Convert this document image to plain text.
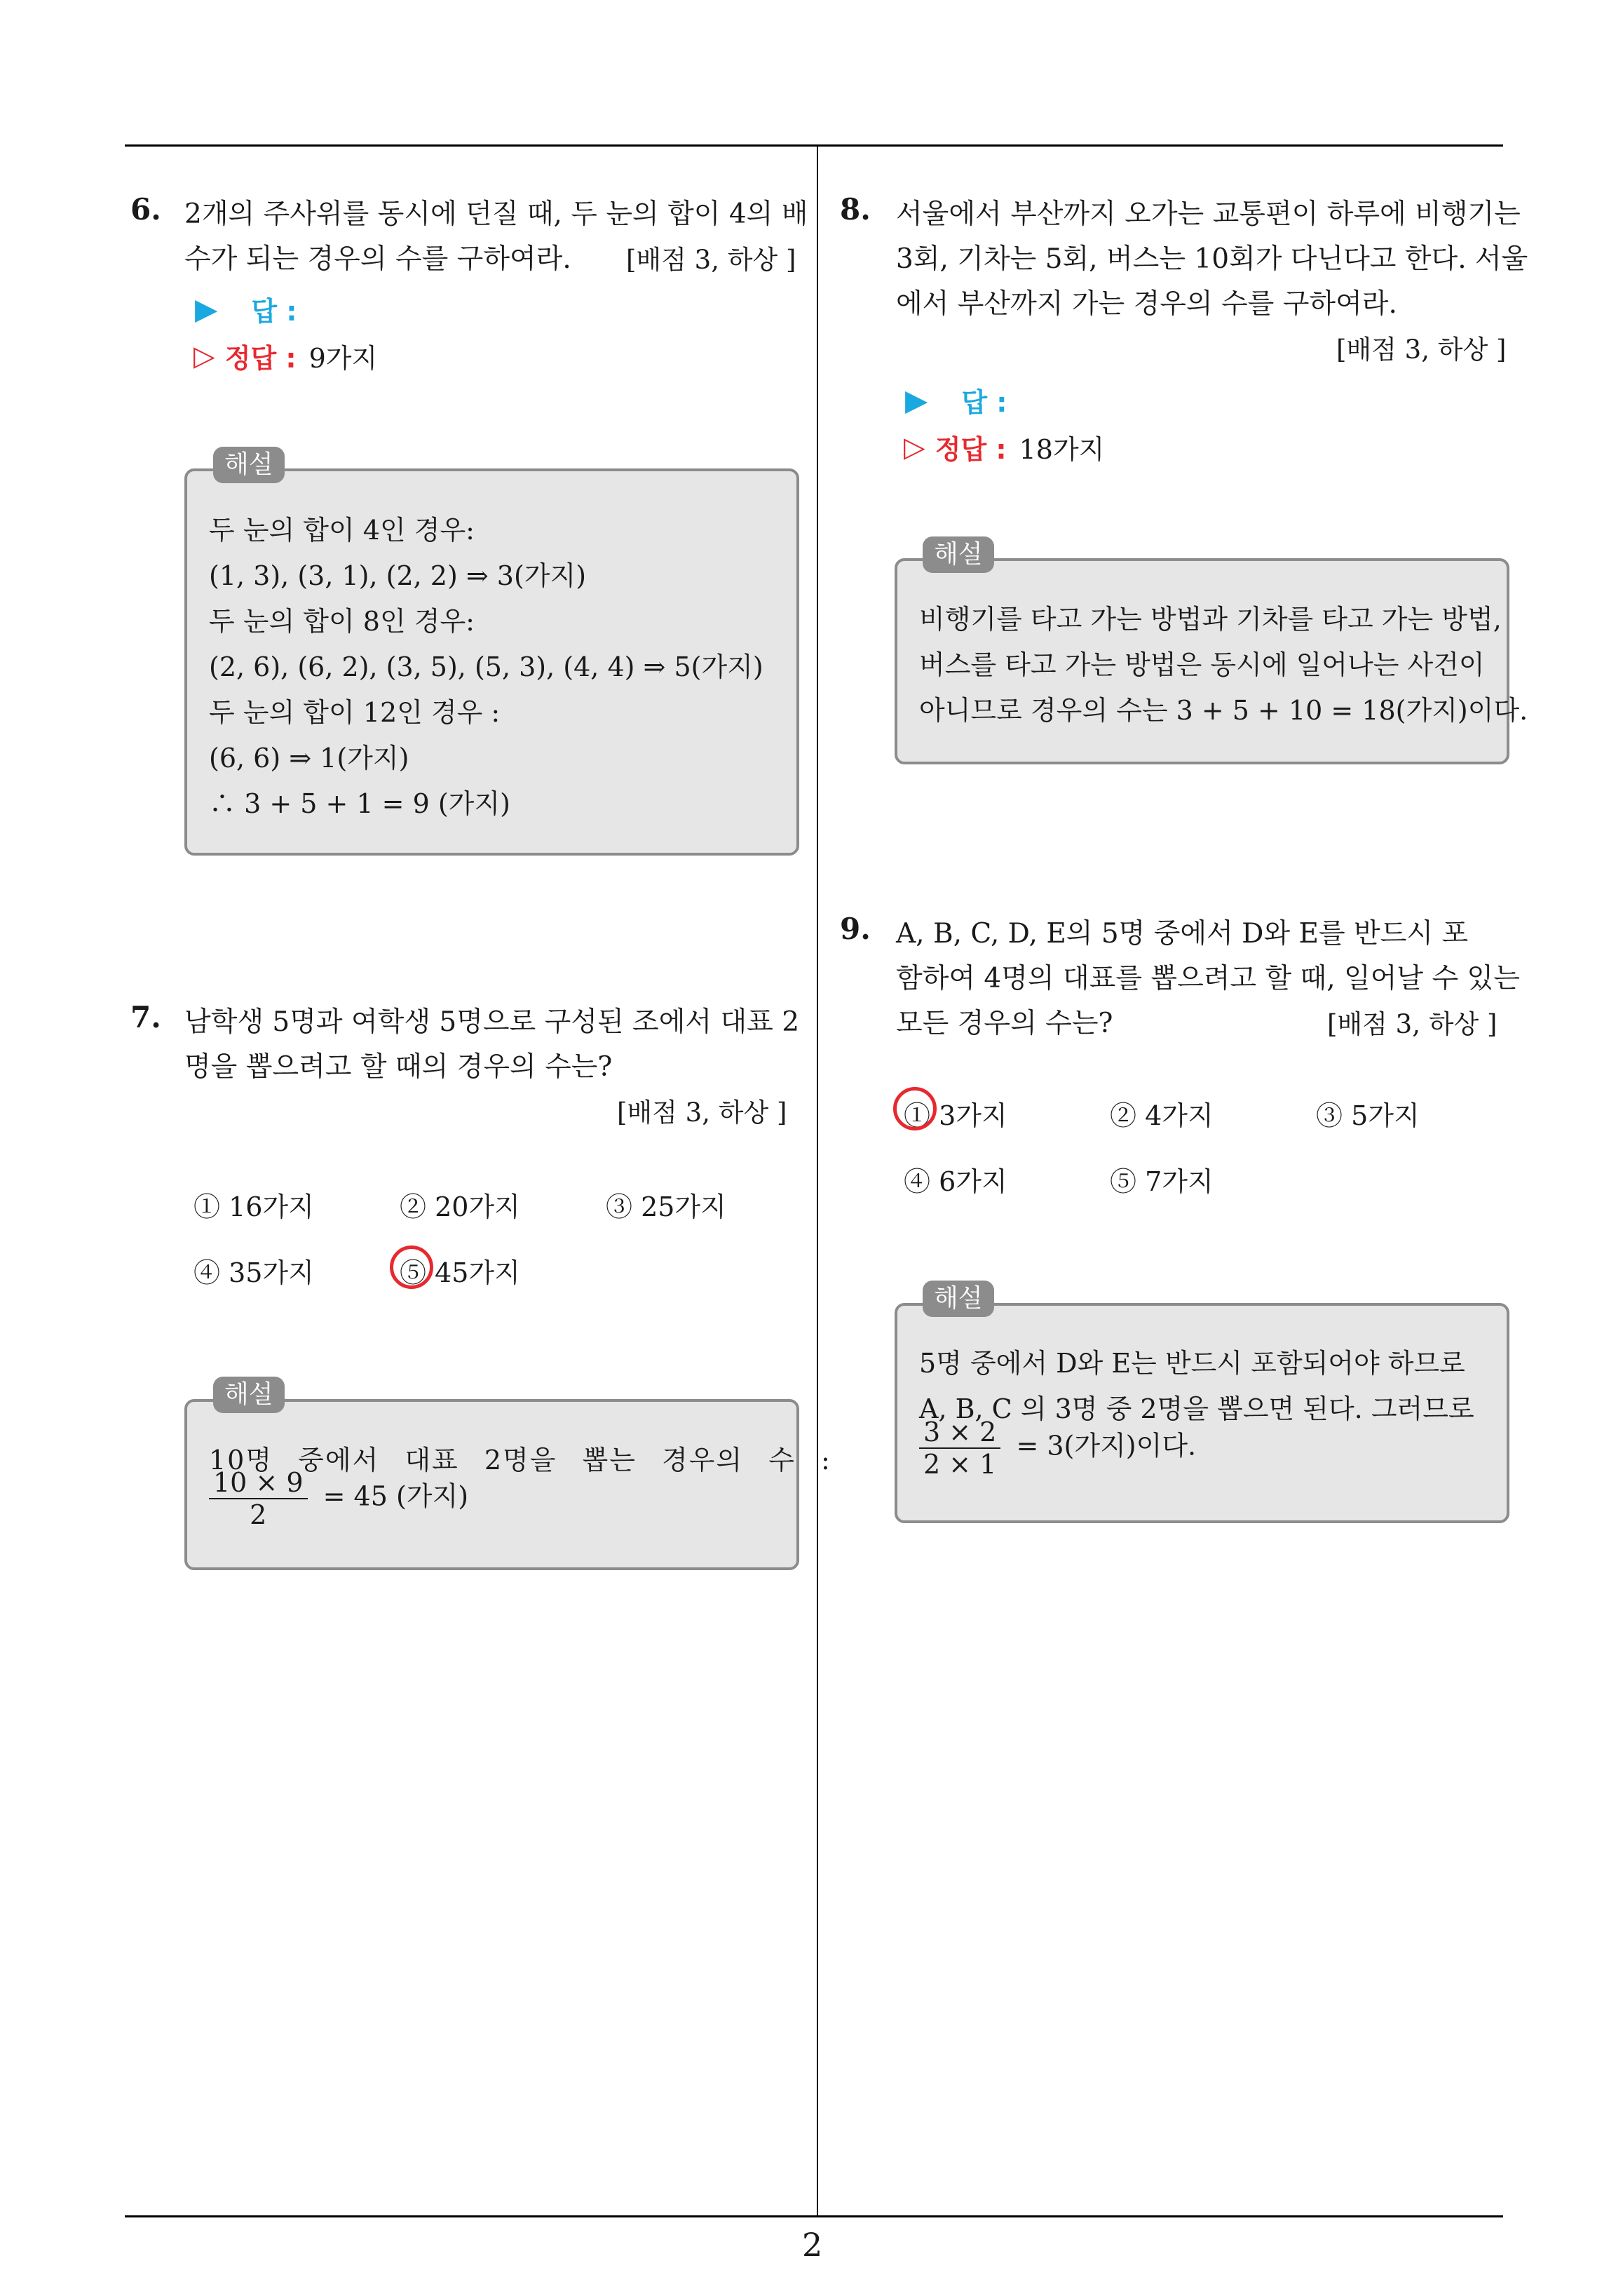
6. 2개의 주사위를 동시에 던질 때, 두 눈의 합이 4의 배
수가 되는 경우의 수를 구하여라. [배점 3, 하상 ]
▶ 답 :
▷ 정답 : 9가지
해설
두 눈의 합이 4인 경우:
(1, 3), (3, 1), (2, 2) ⇒ 3(가지)
두 눈의 합이 8인 경우:
(2, 6), (6, 2), (3, 5), (5, 3), (4, 4) ⇒ 5(가지)
두 눈의 합이 12인 경우 :
(6, 6) ⇒ 1(가지)
∴ 3 + 5 + 1 = 9 (가지)
7. 남학생 5명과 여학생 5명으로 구성된 조에서 대표 2
명을 뽑으려고 할 때의 경우의 수는?
[배점 3, 하상 ]
① 16가지	② 20가지	③ 25가지
④ 35가지	⑤ 45가지
해설
10명 중에서 대표 2명을 뽑는 경우의 수 :
$\frac{10 \times 9}{2} = 45$ (가지)
8. 서울에서 부산까지 오가는 교통편이 하루에 비행기는
3회, 기차는 5회, 버스는 10회가 다닌다고 한다. 서울
에서 부산까지 가는 경우의 수를 구하여라.
[배점 3, 하상 ]
▶ 답 :
▷ 정답 : 18가지
해설
비행기를 타고 가는 방법과 기차를 타고 가는 방법,
버스를 타고 가는 방법은 동시에 일어나는 사건이
아니므로 경우의 수는 3 + 5 + 10 = 18(가지)이다.
9. A, B, C, D, E의 5명 중에서 D와 E를 반드시 포
함하여 4명의 대표를 뽑으려고 할 때, 일어날 수 있는
모든 경우의 수는?	[배점 3, 하상 ]
① 3가지	② 4가지	③ 5가지
④ 6가지	⑤ 7가지
해설
5명 중에서 D와 E는 반드시 포함되어야 하므로
A, B, C 의 3명 중 2명을 뽑으면 된다. 그러므로
$\frac{3 \times 2}{2 \times 1} = 3$(가지)이다.
2
